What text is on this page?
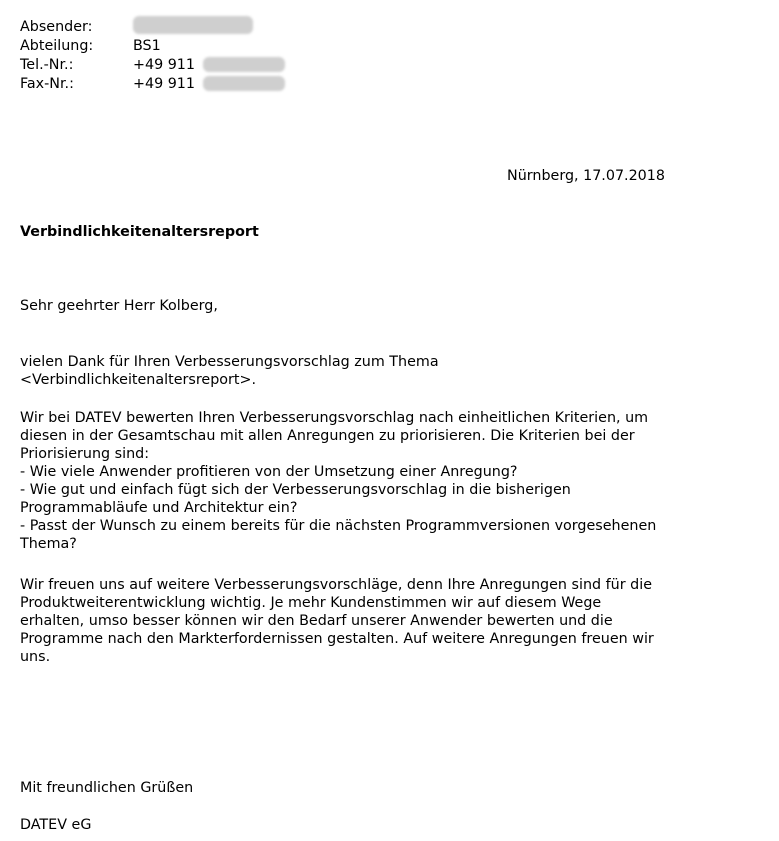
Absender:
Abteilung:	BS1
Tel.-Nr.:	+49 911
Fax-Nr.:	+49 911

Nürnberg, 17.07.2018

Verbindlichkeitenaltersreport

Sehr geehrter Herr Kolberg,

vielen Dank für Ihren Verbesserungsvorschlag zum Thema
<Verbindlichkeitenaltersreport>.
Wir bei DATEV bewerten Ihren Verbesserungsvorschlag nach einheitlichen Kriterien, um
diesen in der Gesamtschau mit allen Anregungen zu priorisieren. Die Kriterien bei der
Priorisierung sind:
- Wie viele Anwender profitieren von der Umsetzung einer Anregung?
- Wie gut und einfach fügt sich der Verbesserungsvorschlag in die bisherigen
Programmabläufe und Architektur ein?
- Passt der Wunsch zu einem bereits für die nächsten Programmversionen vorgesehenen
Thema?
Wir freuen uns auf weitere Verbesserungsvorschläge, denn Ihre Anregungen sind für die
Produktweiterentwicklung wichtig. Je mehr Kundenstimmen wir auf diesem Wege
erhalten, umso besser können wir den Bedarf unserer Anwender bewerten und die
Programme nach den Markterfordernissen gestalten. Auf weitere Anregungen freuen wir
uns.

Mit freundlichen Grüßen

DATEV eG
